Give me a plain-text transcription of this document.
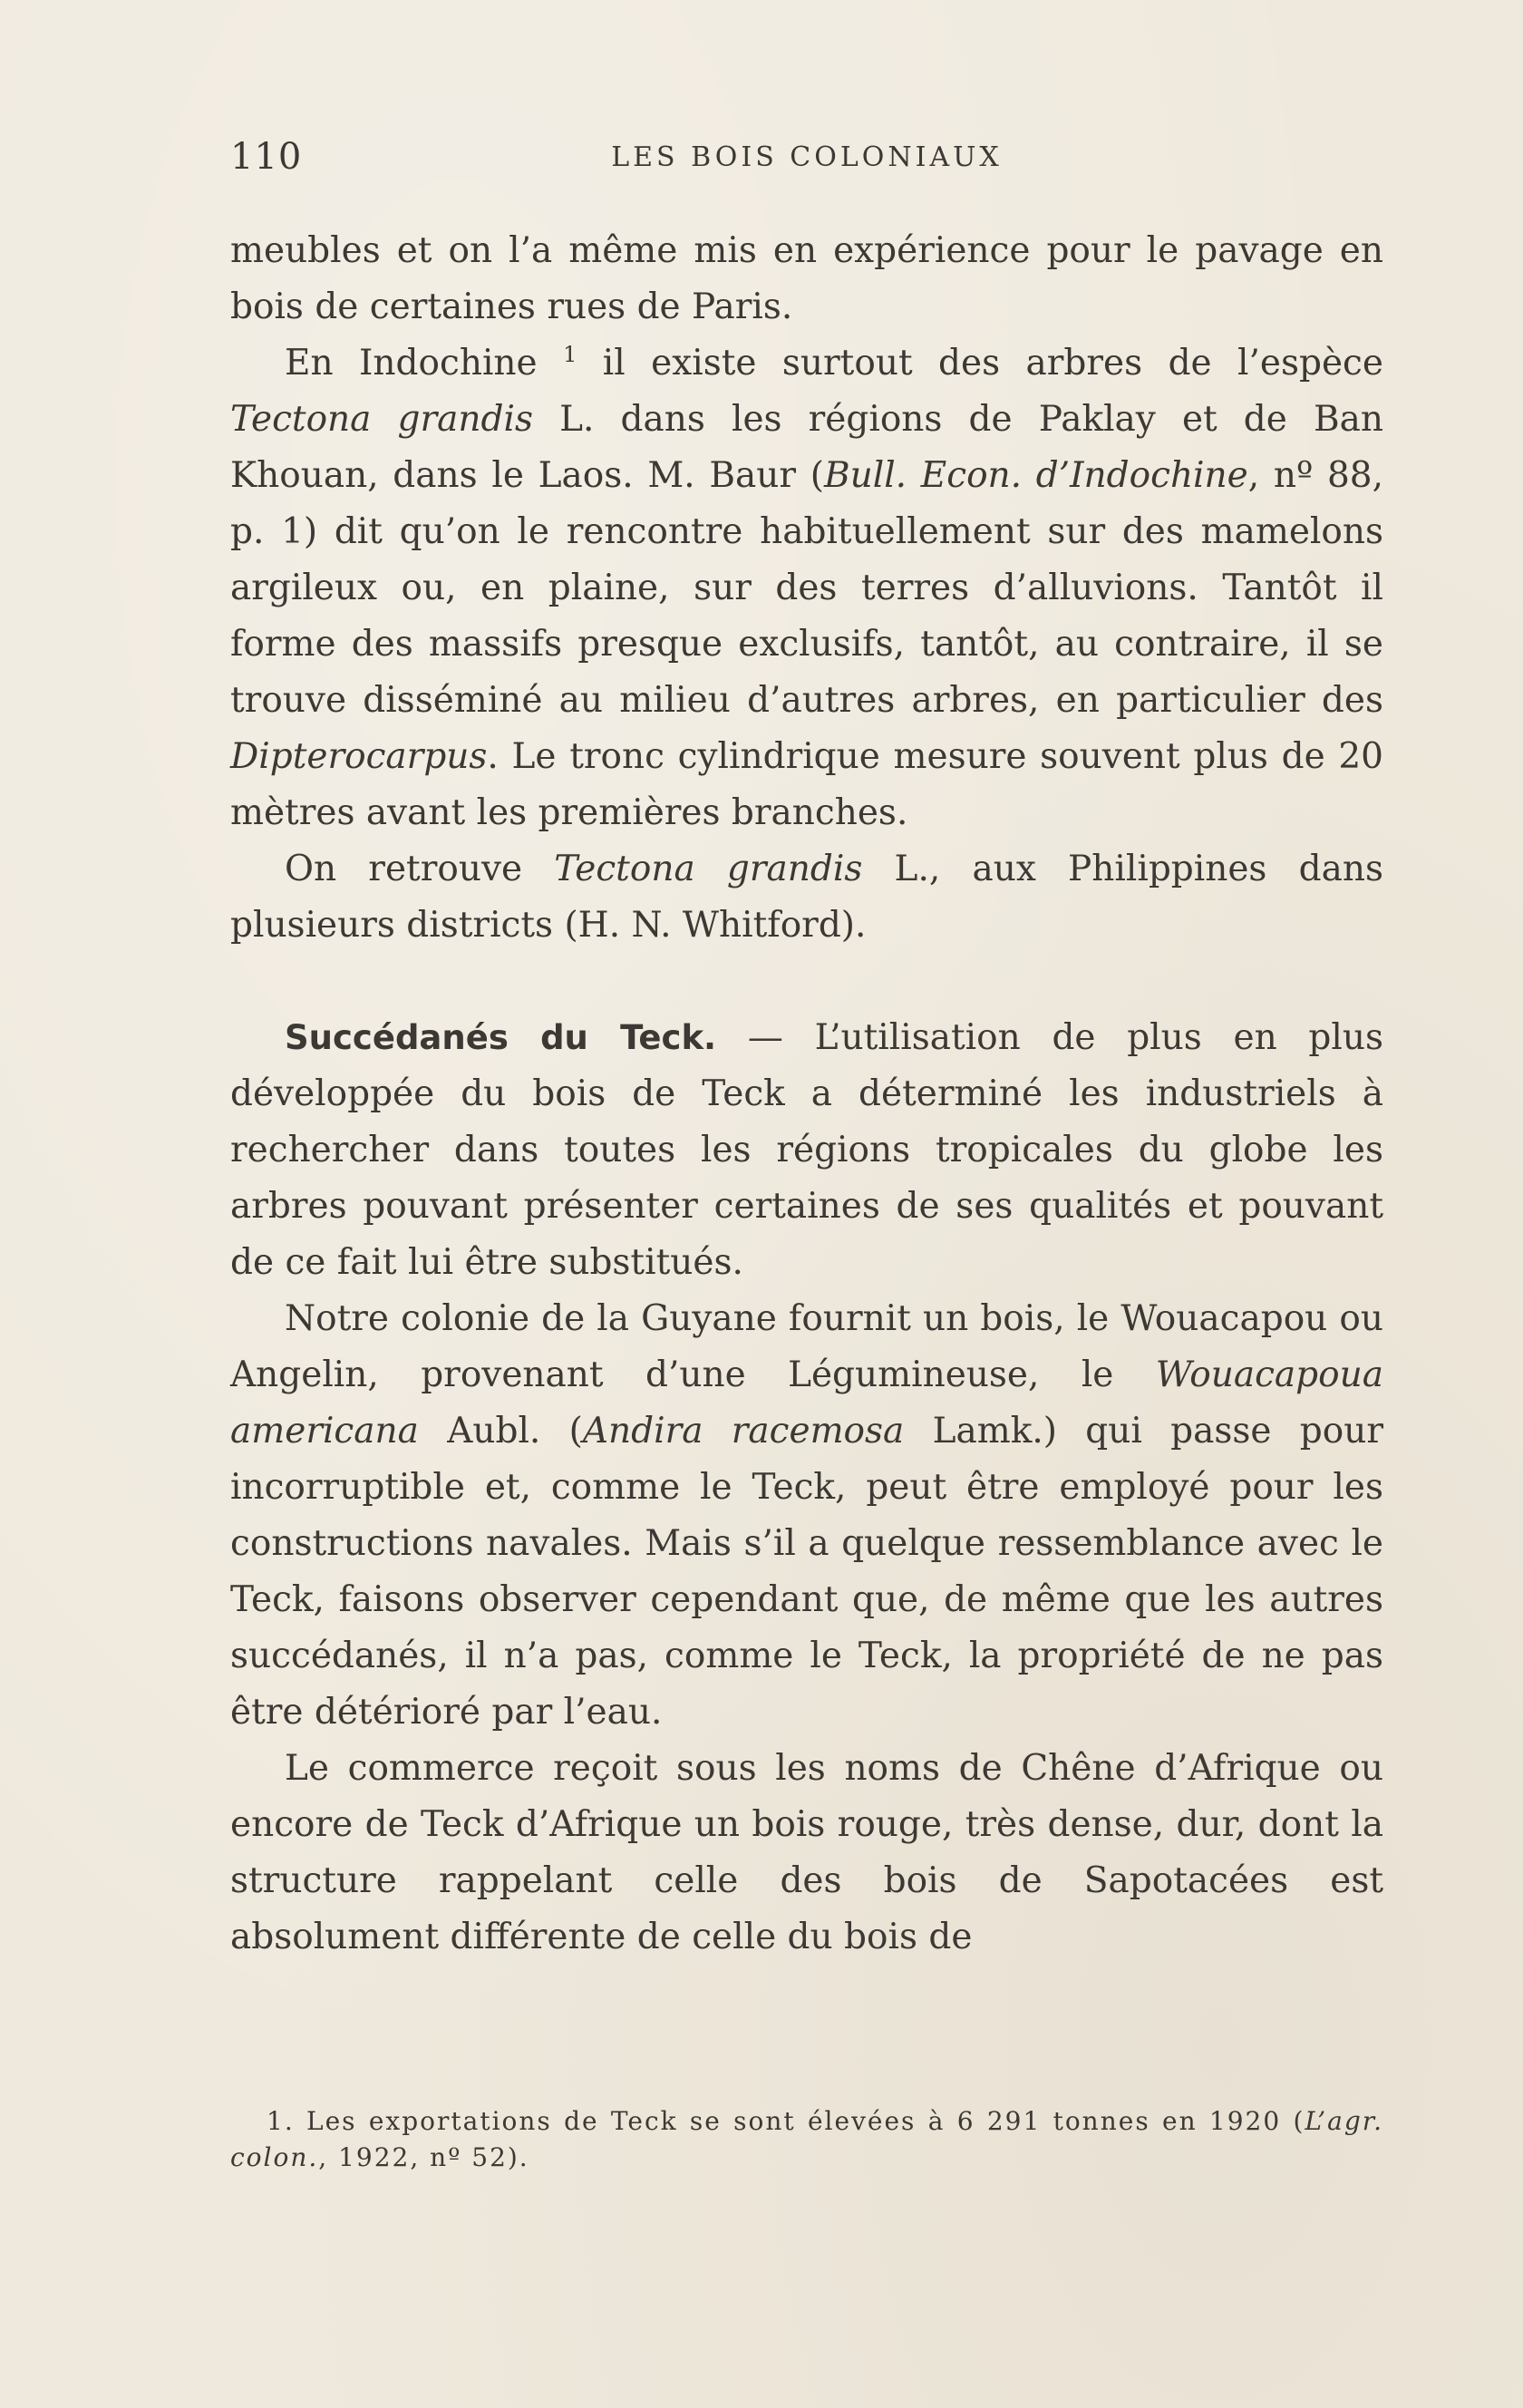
110	LES BOIS COLONIAUX

meubles et on l’a même mis en expérience pour le pavage en bois de certaines rues de Paris.

En Indochine $^1$ il existe surtout des arbres de l’espèce Tectona grandis L. dans les régions de Paklay et de Ban Khouan, dans le Laos. M. Baur (Bull. Econ. d’Indochine, nº 88, p. 1) dit qu’on le rencontre habituellement sur des mamelons argileux ou, en plaine, sur des terres d’alluvions. Tantôt il forme des massifs presque exclusifs, tantôt, au contraire, il se trouve disséminé au milieu d’autres arbres, en particulier des Dipterocarpus. Le tronc cylindrique mesure souvent plus de 20 mètres avant les premières branches.

On retrouve Tectona grandis L., aux Philippines dans plusieurs districts (H. N. Whitford).

Succédanés du Teck. — L’utilisation de plus en plus développée du bois de Teck a déterminé les industriels à rechercher dans toutes les régions tropicales du globe les arbres pouvant présenter certaines de ses qualités et pouvant de ce fait lui être substitués.

Notre colonie de la Guyane fournit un bois, le Wouacapou ou Angelin, provenant d’une Légumineuse, le Wouacapoua americana Aubl. (Andira racemosa Lamk.) qui passe pour incorruptible et, comme le Teck, peut être employé pour les constructions navales. Mais s’il a quelque ressemblance avec le Teck, faisons observer cependant que, de même que les autres succédanés, il n’a pas, comme le Teck, la propriété de ne pas être détérioré par l’eau.

Le commerce reçoit sous les noms de Chêne d’Afrique ou encore de Teck d’Afrique un bois rouge, très dense, dur, dont la structure rappelant celle des bois de Sapotacées est absolument différente de celle du bois de

1. Les exportations de Teck se sont élevées à 6 291 tonnes en 1920 (L’agr. colon., 1922, nº 52).
